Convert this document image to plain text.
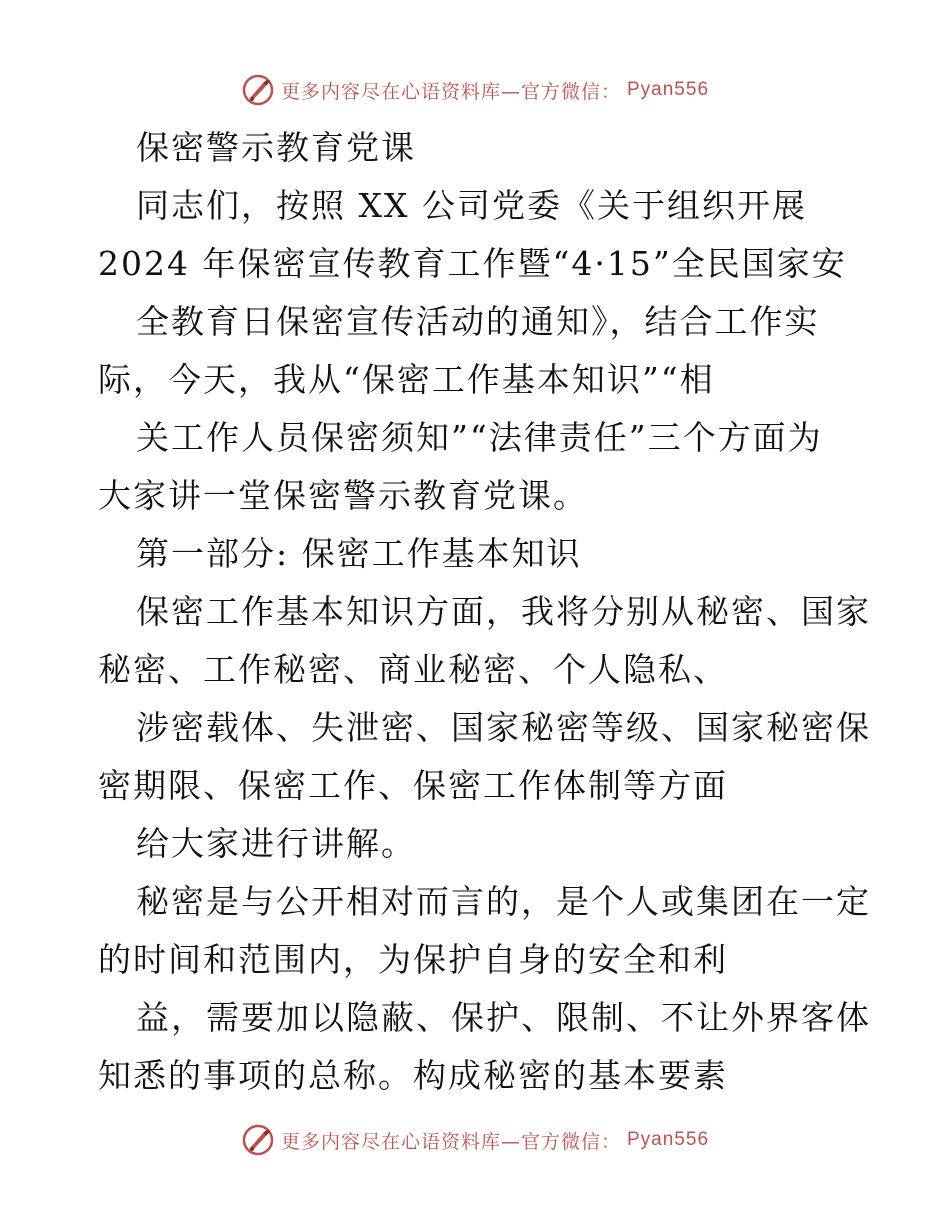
更多内容尽在心语资料库—官方微信： Pyan556
保密警示教育党课
同志们，按照 XX 公司党委《关于组织开展
2024 年保密宣传教育工作暨“4·15”全民国家安
全教育日保密宣传活动的通知》，结合工作实
际，今天，我从“保密工作基本知识”“相
关工作人员保密须知”“法律责任”三个方面为
大家讲一堂保密警示教育党课。
第一部分: 保密工作基本知识
保密工作基本知识方面，我将分别从秘密、国家
秘密、工作秘密、商业秘密、个人隐私、
涉密载体、失泄密、国家秘密等级、国家秘密保
密期限、保密工作、保密工作体制等方面
给大家进行讲解。
秘密是与公开相对而言的，是个人或集团在一定
的时间和范围内，为保护自身的安全和利
益，需要加以隐蔽、保护、限制、不让外界客体
知悉的事项的总称。构成秘密的基本要素
更多内容尽在心语资料库—官方微信： Pyan556
